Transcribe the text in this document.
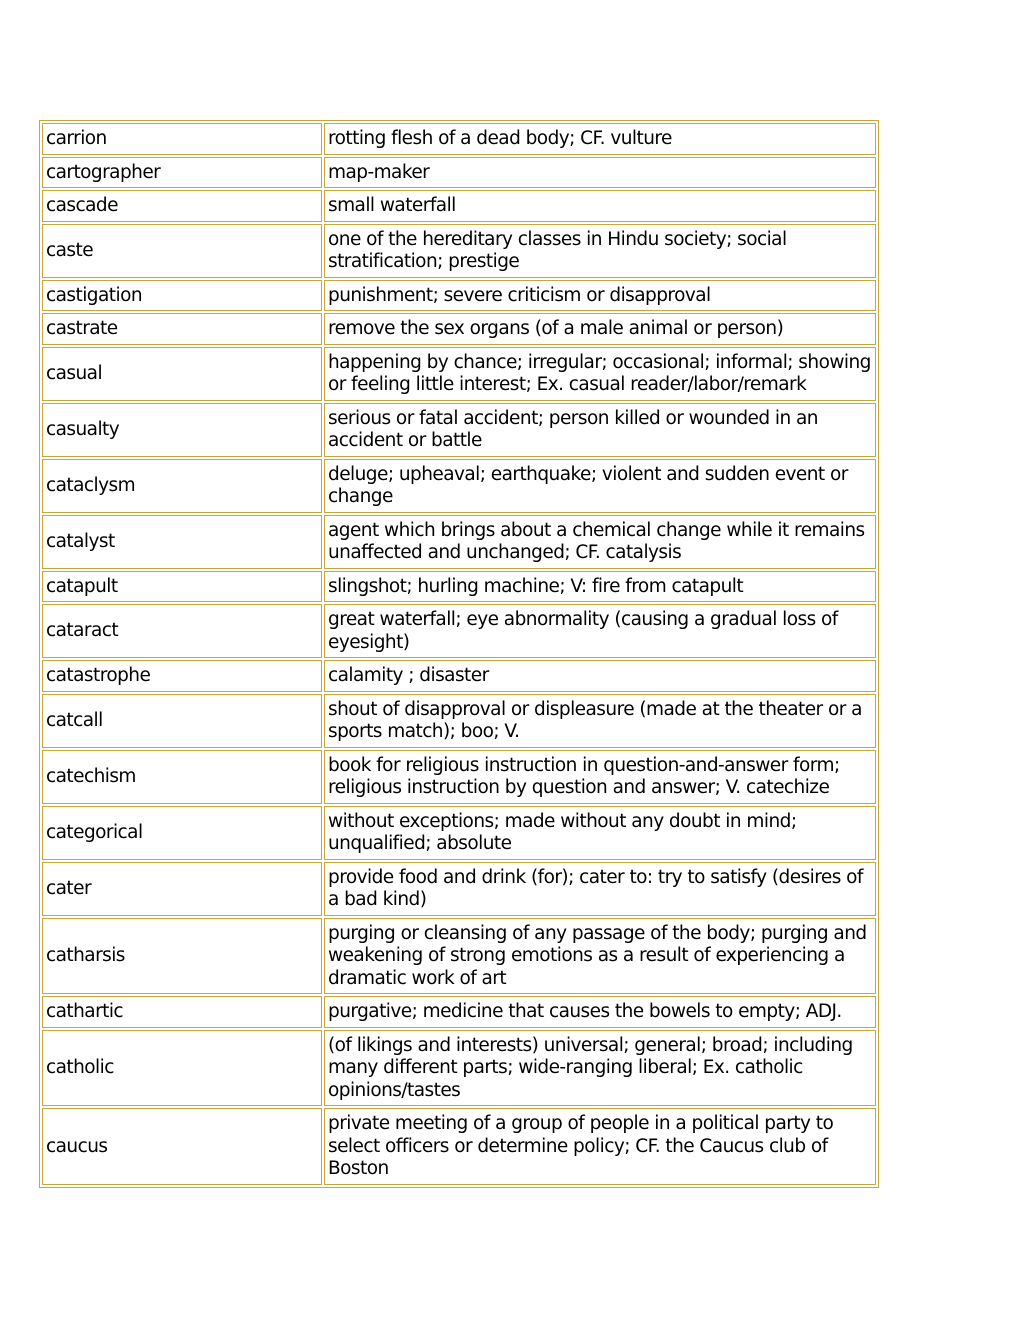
carrion	rotting flesh of a dead body; CF. vulture
cartographer	map-maker
cascade	small waterfall
caste	one of the hereditary classes in Hindu society; social stratification; prestige
castigation	punishment; severe criticism or disapproval
castrate	remove the sex organs (of a male animal or person)
casual	happening by chance; irregular; occasional; informal; showing or feeling little interest; Ex. casual reader/labor/remark
casualty	serious or fatal accident; person killed or wounded in an accident or battle
cataclysm	deluge; upheaval; earthquake; violent and sudden event or change
catalyst	agent which brings about a chemical change while it remains unaffected and unchanged; CF. catalysis
catapult	slingshot; hurling machine; V: fire from catapult
cataract	great waterfall; eye abnormality (causing a gradual loss of eyesight)
catastrophe	calamity ; disaster
catcall	shout of disapproval or displeasure (made at the theater or a sports match); boo; V.
catechism	book for religious instruction in question-and-answer form; religious instruction by question and answer; V. catechize
categorical	without exceptions; made without any doubt in mind; unqualified; absolute
cater	provide food and drink (for); cater to: try to satisfy (desires of a bad kind)
catharsis	purging or cleansing of any passage of the body; purging and weakening of strong emotions as a result of experiencing a dramatic work of art
cathartic	purgative; medicine that causes the bowels to empty; ADJ.
catholic	(of likings and interests) universal; general; broad; including many different parts; wide-ranging liberal; Ex. catholic opinions/tastes
caucus	private meeting of a group of people in a political party to select officers or determine policy; CF. the Caucus club of Boston
